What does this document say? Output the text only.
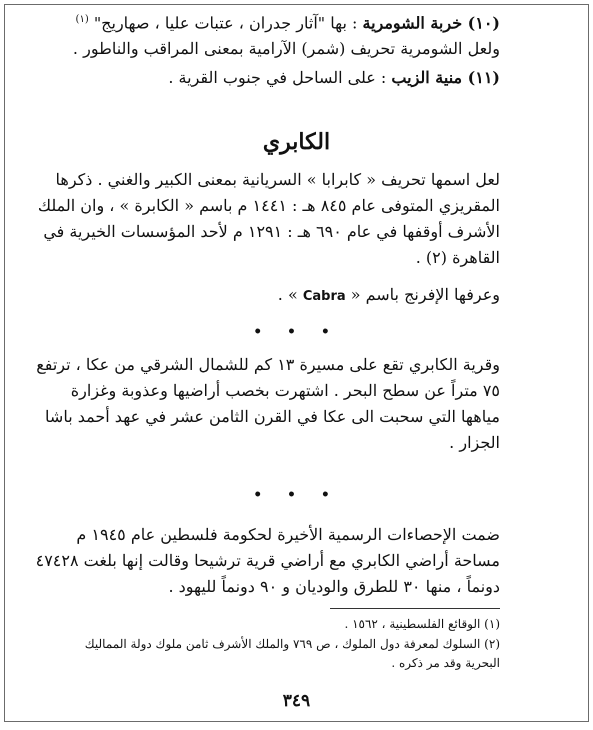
(١٠) خربة الشومرية : بها "آثار جدران ، عتبات عليا ، صهاريج" $^{(١)}$
ولعل الشومرية تحريف (شمر) الآرامية بمعنى المراقب والناطور .
(١١) منية الزيب : على الساحل في جنوب القرية .
الكابري
لعل اسمها تحريف « كابرابا » السريانية بمعنى الكبير والغني . ذكرها
المقريزي المتوفى عام ٨٤٥ هـ : ١٤٤١ م باسم « الكابرة » ، وان الملك
الأشرف أوقفها في عام ٦٩٠ هـ : ١٢٩١ م لأحد المؤسسات الخيرية في
القاهرة (٢) .
وعرفها الإفرنج باسم « Cabra » .
• • •
وقرية الكابري تقع على مسيرة ١٣ كم للشمال الشرقي من عكا ، ترتفع
٧٥ متراً عن سطح البحر . اشتهرت بخصب أراضيها وعذوبة وغزارة
مياهها التي سحبت الى عكا في القرن الثامن عشر في عهد أحمد باشا
الجزار .
• • •
ضمت الإحصاءات الرسمية الأخيرة لحكومة فلسطين عام ١٩٤٥ م
مساحة أراضي الكابري مع أراضي قرية ترشيحا وقالت إنها بلغت ٤٧٤٢٨
دونماً ، منها ٣٠ للطرق والوديان و ٩٠ دونماً لليهود .
(١) الوقائع الفلسطينية ، ١٥٦٢ .
(٢) السلوك لمعرفة دول الملوك ، ص ٧٦٩ والملك الأشرف ثامن ملوك دولة المماليك
البحرية وقد مر ذكره .
٣٤٩
